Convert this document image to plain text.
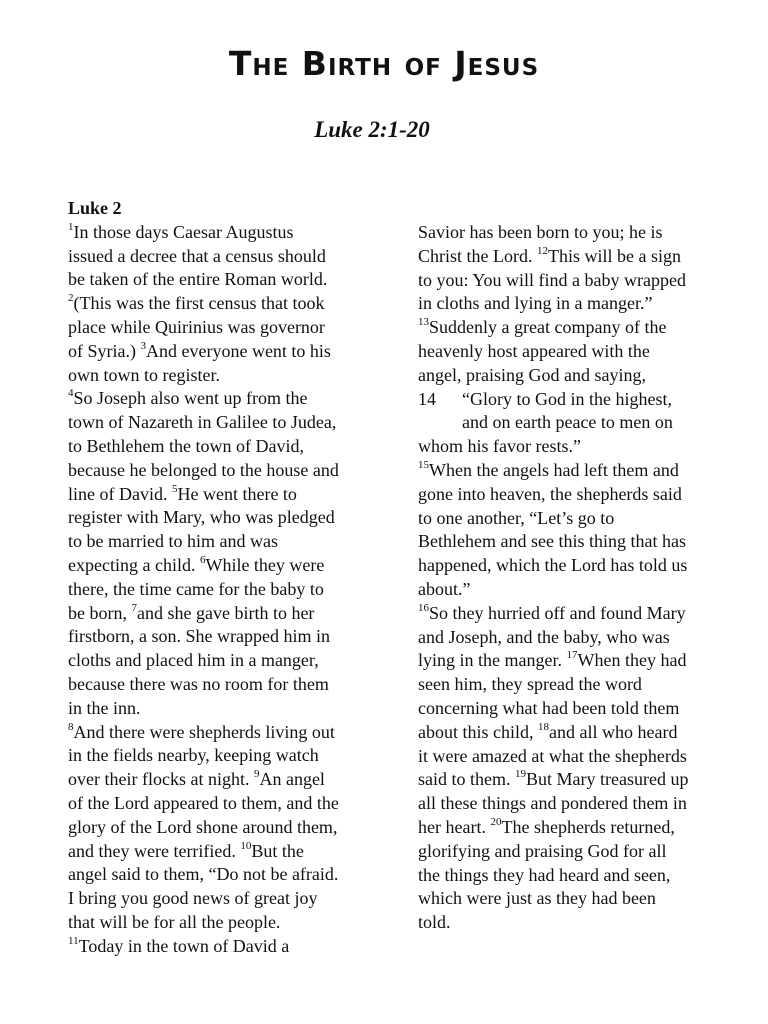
The Birth of Jesus
Luke 2:1-20
Luke 2
$^1$In those days Caesar Augustus
issued a decree that a census should
be taken of the entire Roman world.
$^2$(This was the first census that took
place while Quirinius was governor
of Syria.) $^3$And everyone went to his
own town to register.
$^4$So Joseph also went up from the
town of Nazareth in Galilee to Judea,
to Bethlehem the town of David,
because he belonged to the house and
line of David. $^5$He went there to
register with Mary, who was pledged
to be married to him and was
expecting a child. $^6$While they were
there, the time came for the baby to
be born, $^7$and she gave birth to her
firstborn, a son. She wrapped him in
cloths and placed him in a manger,
because there was no room for them
in the inn.
$^8$And there were shepherds living out
in the fields nearby, keeping watch
over their flocks at night. $^9$An angel
of the Lord appeared to them, and the
glory of the Lord shone around them,
and they were terrified. $^{10}$But the
angel said to them, “Do not be afraid.
I bring you good news of great joy
that will be for all the people.
$^{11}$Today in the town of David a
Savior has been born to you; he is
Christ the Lord. $^{12}$This will be a sign
to you: You will find a baby wrapped
in cloths and lying in a manger.”
$^{13}$Suddenly a great company of the
heavenly host appeared with the
angel, praising God and saying,
14 “Glory to God in the highest,
and on earth peace to men on
whom his favor rests.”
$^{15}$When the angels had left them and
gone into heaven, the shepherds said
to one another, “Let’s go to
Bethlehem and see this thing that has
happened, which the Lord has told us
about.”
$^{16}$So they hurried off and found Mary
and Joseph, and the baby, who was
lying in the manger. $^{17}$When they had
seen him, they spread the word
concerning what had been told them
about this child, $^{18}$and all who heard
it were amazed at what the shepherds
said to them. $^{19}$But Mary treasured up
all these things and pondered them in
her heart. $^{20}$The shepherds returned,
glorifying and praising God for all
the things they had heard and seen,
which were just as they had been
told.
